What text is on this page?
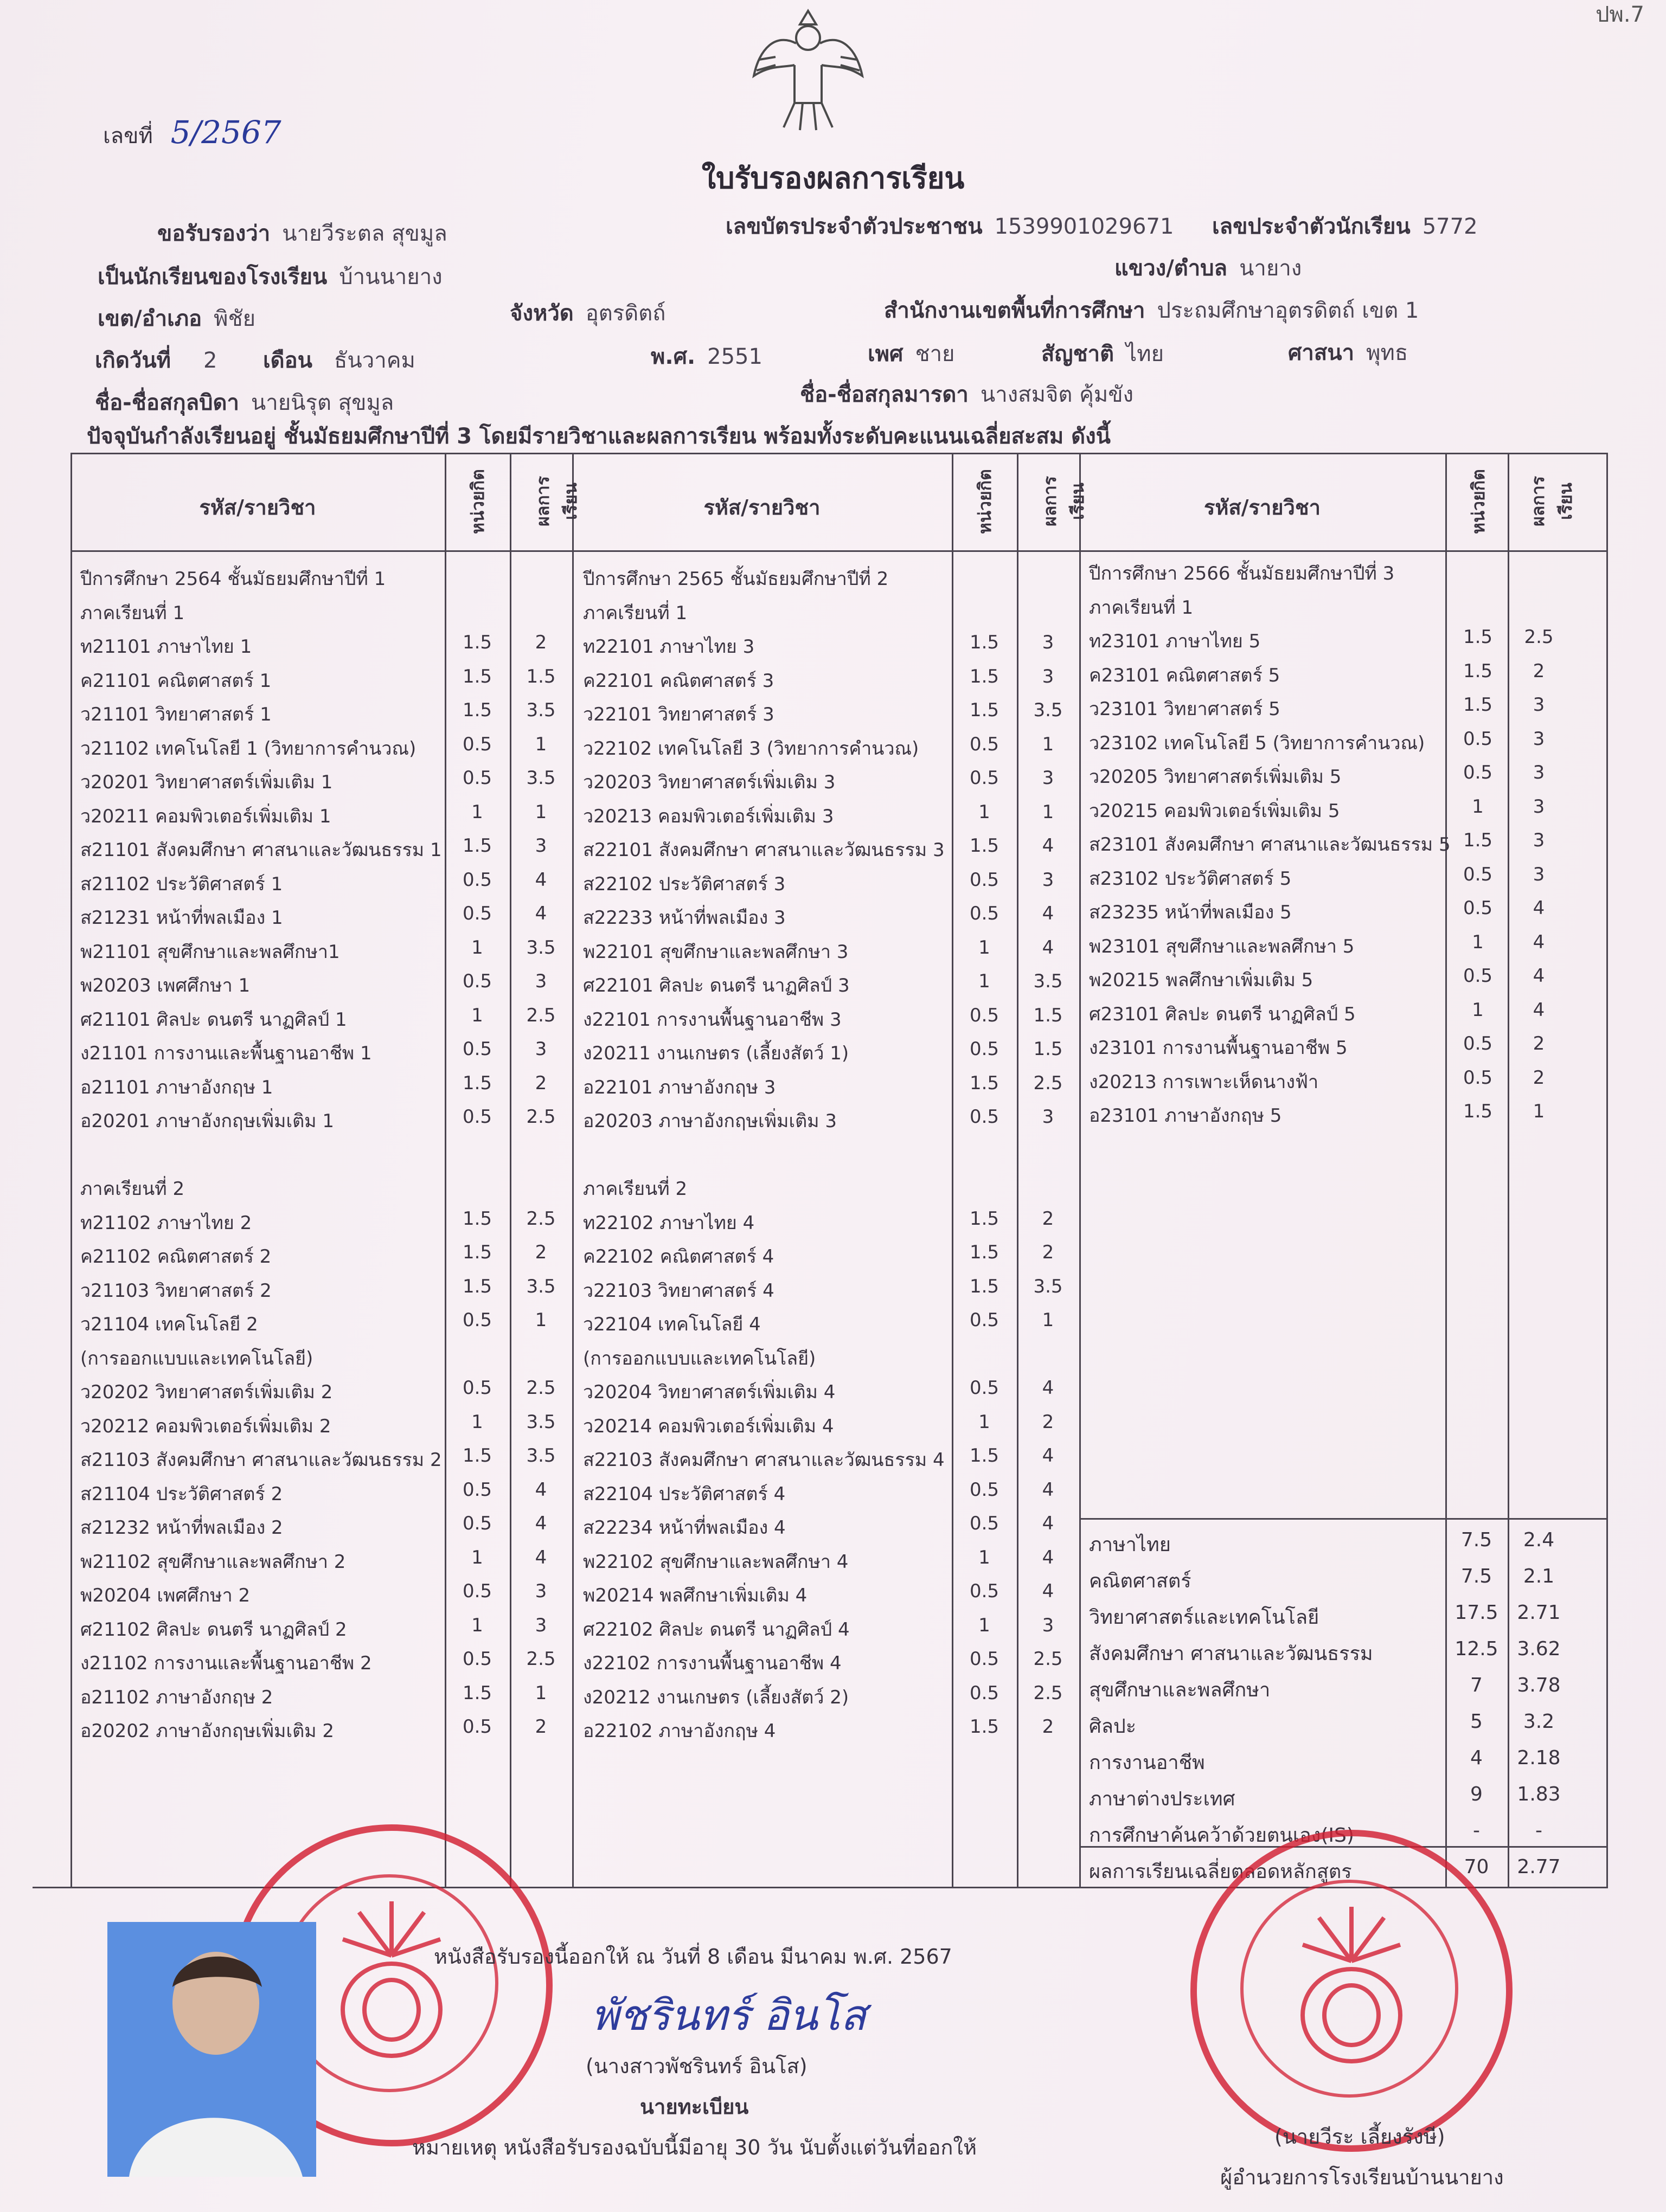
ปพ.7
เลขที่ 5/2567
ใบรับรองผลการเรียน
ขอรับรองว่า นายวีระตล สุขมูล	เลขบัตรประจำตัวประชาชน 1539901029671 เลขประจำตัวนักเรียน 5772
เป็นนักเรียนของโรงเรียน บ้านนายาง	แขวง/ตำบล นายาง
เขต/อำเภอ พิชัย	จังหวัด อุตรดิตถ์	สำนักงานเขตพื้นที่การศึกษา ประถมศึกษาอุตรดิตถ์ เขต 1
เกิดวันที่ 2 เดือน ธันวาคม	พ.ศ. 2551	เพศ ชาย	สัญชาติ ไทย	ศาสนา พุทธ
ชื่อ-ชื่อสกุลบิดา นายนิรุต สุขมูล	ชื่อ-ชื่อสกุลมารดา นางสมจิต คุ้มขัง
ปัจจุบันกำลังเรียนอยู่ ชั้นมัธยมศึกษาปีที่ 3 โดยมีรายวิชาและผลการเรียน พร้อมทั้งระดับคะแนนเฉลี่ยสะสม ดังนี้
รหัส/รายวิชา	หน่วยกิต	ผลการเรียน	รหัส/รายวิชา	หน่วยกิต	ผลการเรียน	รหัส/รายวิชา	หน่วยกิต ผลการเรียน
ปีการศึกษา 2564 ชั้นมัธยมศึกษาปีที่ 1
ภาคเรียนที่ 1
ท21101 ภาษาไทย 1	1.5	2
ค21101 คณิตศาสตร์ 1	1.5	1.5
ว21101 วิทยาศาสตร์ 1	1.5	3.5
ว21102 เทคโนโลยี 1 (วิทยาการคำนวณ)	0.5	1
ว20201 วิทยาศาสตร์เพิ่มเติม 1	0.5	3.5
ว20211 คอมพิวเตอร์เพิ่มเติม 1	1	1
ส21101 สังคมศึกษา ศาสนาและวัฒนธรรม 1	1.5	3
ส21102 ประวัติศาสตร์ 1	0.5	4
ส21231 หน้าที่พลเมือง 1	0.5	4
พ21101 สุขศึกษาและพลศึกษา1	1	3.5
พ20203 เพศศึกษา 1	0.5	3
ศ21101 ศิลปะ ดนตรี นาฏศิลป์ 1	1	2.5
ง21101 การงานและพื้นฐานอาชีพ 1	0.5	3
อ21101 ภาษาอังกฤษ 1	1.5	2
อ20201 ภาษาอังกฤษเพิ่มเติม 1	0.5	2.5
ภาคเรียนที่ 2
ท21102 ภาษาไทย 2	1.5	2.5
ค21102 คณิตศาสตร์ 2	1.5	2
ว21103 วิทยาศาสตร์ 2	1.5	3.5
ว21104 เทคโนโลยี 2	0.5	1
(การออกแบบและเทคโนโลยี)
ว20202 วิทยาศาสตร์เพิ่มเติม 2	0.5	2.5
ว20212 คอมพิวเตอร์เพิ่มเติม 2	1	3.5
ส21103 สังคมศึกษา ศาสนาและวัฒนธรรม 2	1.5	3.5
ส21104 ประวัติศาสตร์ 2	0.5	4
ส21232 หน้าที่พลเมือง 2	0.5	4
พ21102 สุขศึกษาและพลศึกษา 2	1	4
พ20204 เพศศึกษา 2	0.5	3
ศ21102 ศิลปะ ดนตรี นาฏศิลป์ 2	1	3
ง21102 การงานและพื้นฐานอาชีพ 2	0.5	2.5
อ21102 ภาษาอังกฤษ 2	1.5	1
อ20202 ภาษาอังกฤษเพิ่มเติม 2	0.5	2
ปีการศึกษา 2565 ชั้นมัธยมศึกษาปีที่ 2
ภาคเรียนที่ 1
ท22101 ภาษาไทย 3	1.5	3
ค22101 คณิตศาสตร์ 3	1.5	3
ว22101 วิทยาศาสตร์ 3	1.5	3.5
ว22102 เทคโนโลยี 3 (วิทยาการคำนวณ)	0.5	1
ว20203 วิทยาศาสตร์เพิ่มเติม 3	0.5	3
ว20213 คอมพิวเตอร์เพิ่มเติม 3	1	1
ส22101 สังคมศึกษา ศาสนาและวัฒนธรรม 3	1.5	4
ส22102 ประวัติศาสตร์ 3	0.5	3
ส22233 หน้าที่พลเมือง 3	0.5	4
พ22101 สุขศึกษาและพลศึกษา 3	1	4
ศ22101 ศิลปะ ดนตรี นาฏศิลป์ 3	1	3.5
ง22101 การงานพื้นฐานอาชีพ 3	0.5	1.5
ง20211 งานเกษตร (เลี้ยงสัตว์ 1)	0.5	1.5
อ22101 ภาษาอังกฤษ 3	1.5	2.5
อ20203 ภาษาอังกฤษเพิ่มเติม 3	0.5	3
ภาคเรียนที่ 2
ท22102 ภาษาไทย 4	1.5	2
ค22102 คณิตศาสตร์ 4	1.5	2
ว22103 วิทยาศาสตร์ 4	1.5	3.5
ว22104 เทคโนโลยี 4	0.5	1
(การออกแบบและเทคโนโลยี)
ว20204 วิทยาศาสตร์เพิ่มเติม 4	0.5	4
ว20214 คอมพิวเตอร์เพิ่มเติม 4	1	2
ส22103 สังคมศึกษา ศาสนาและวัฒนธรรม 4	1.5	4
ส22104 ประวัติศาสตร์ 4	0.5	4
ส22234 หน้าที่พลเมือง 4	0.5	4
พ22102 สุขศึกษาและพลศึกษา 4	1	4
พ20214 พลศึกษาเพิ่มเติม 4	0.5	4
ศ22102 ศิลปะ ดนตรี นาฏศิลป์ 4	1	3
ง22102 การงานพื้นฐานอาชีพ 4	0.5	2.5
ง20212 งานเกษตร (เลี้ยงสัตว์ 2)	0.5	2.5
อ22102 ภาษาอังกฤษ 4	1.5	2
ปีการศึกษา 2566 ชั้นมัธยมศึกษาปีที่ 3
ภาคเรียนที่ 1
ท23101 ภาษาไทย 5	1.5	2.5
ค23101 คณิตศาสตร์ 5	1.5	2
ว23101 วิทยาศาสตร์ 5	1.5	3
ว23102 เทคโนโลยี 5 (วิทยาการคำนวณ)	0.5	3
ว20205 วิทยาศาสตร์เพิ่มเติม 5	0.5	3
ว20215 คอมพิวเตอร์เพิ่มเติม 5	1	3
ส23101 สังคมศึกษา ศาสนาและวัฒนธรรม 5 1.5	3
ส23102 ประวัติศาสตร์ 5	0.5	3
ส23235 หน้าที่พลเมือง 5	0.5	4
พ23101 สุขศึกษาและพลศึกษา 5	1	4
พ20215 พลศึกษาเพิ่มเติม 5	0.5	4
ศ23101 ศิลปะ ดนตรี นาฏศิลป์ 5	1	4
ง23101 การงานพื้นฐานอาชีพ 5	0.5	2
ง20213 การเพาะเห็ดนางฟ้า	0.5	2
อ23101 ภาษาอังกฤษ 5	1.5	1
ภาษาไทย	7.5	2.4
คณิตศาสตร์	7.5	2.1
วิทยาศาสตร์และเทคโนโลยี	17.5 2.71
สังคมศึกษา ศาสนาและวัฒนธรรม	12.5 3.62
สุขศึกษาและพลศึกษา	7	3.78
ศิลปะ	5	3.2
การงานอาชีพ	4	2.18
ภาษาต่างประเทศ	9	1.83
การศึกษาค้นคว้าด้วยตนเอง(IS)	-	-
ผลการเรียนเฉลี่ยตลอดหลักสูตร	70	2.77
หนังสือรับรองนี้ออกให้ ณ วันที่ 8 เดือน มีนาคม พ.ศ. 2567
พัชรินทร์ อินโส
(นางสาวพัชรินทร์ อินโส)
นายทะเบียน
หมายเหตุ หนังสือรับรองฉบับนี้มีอายุ 30 วัน นับตั้งแต่วันที่ออกให้	(นายวีระ เลี้ยงรังษี)
ผู้อำนวยการโรงเรียนบ้านนายาง
